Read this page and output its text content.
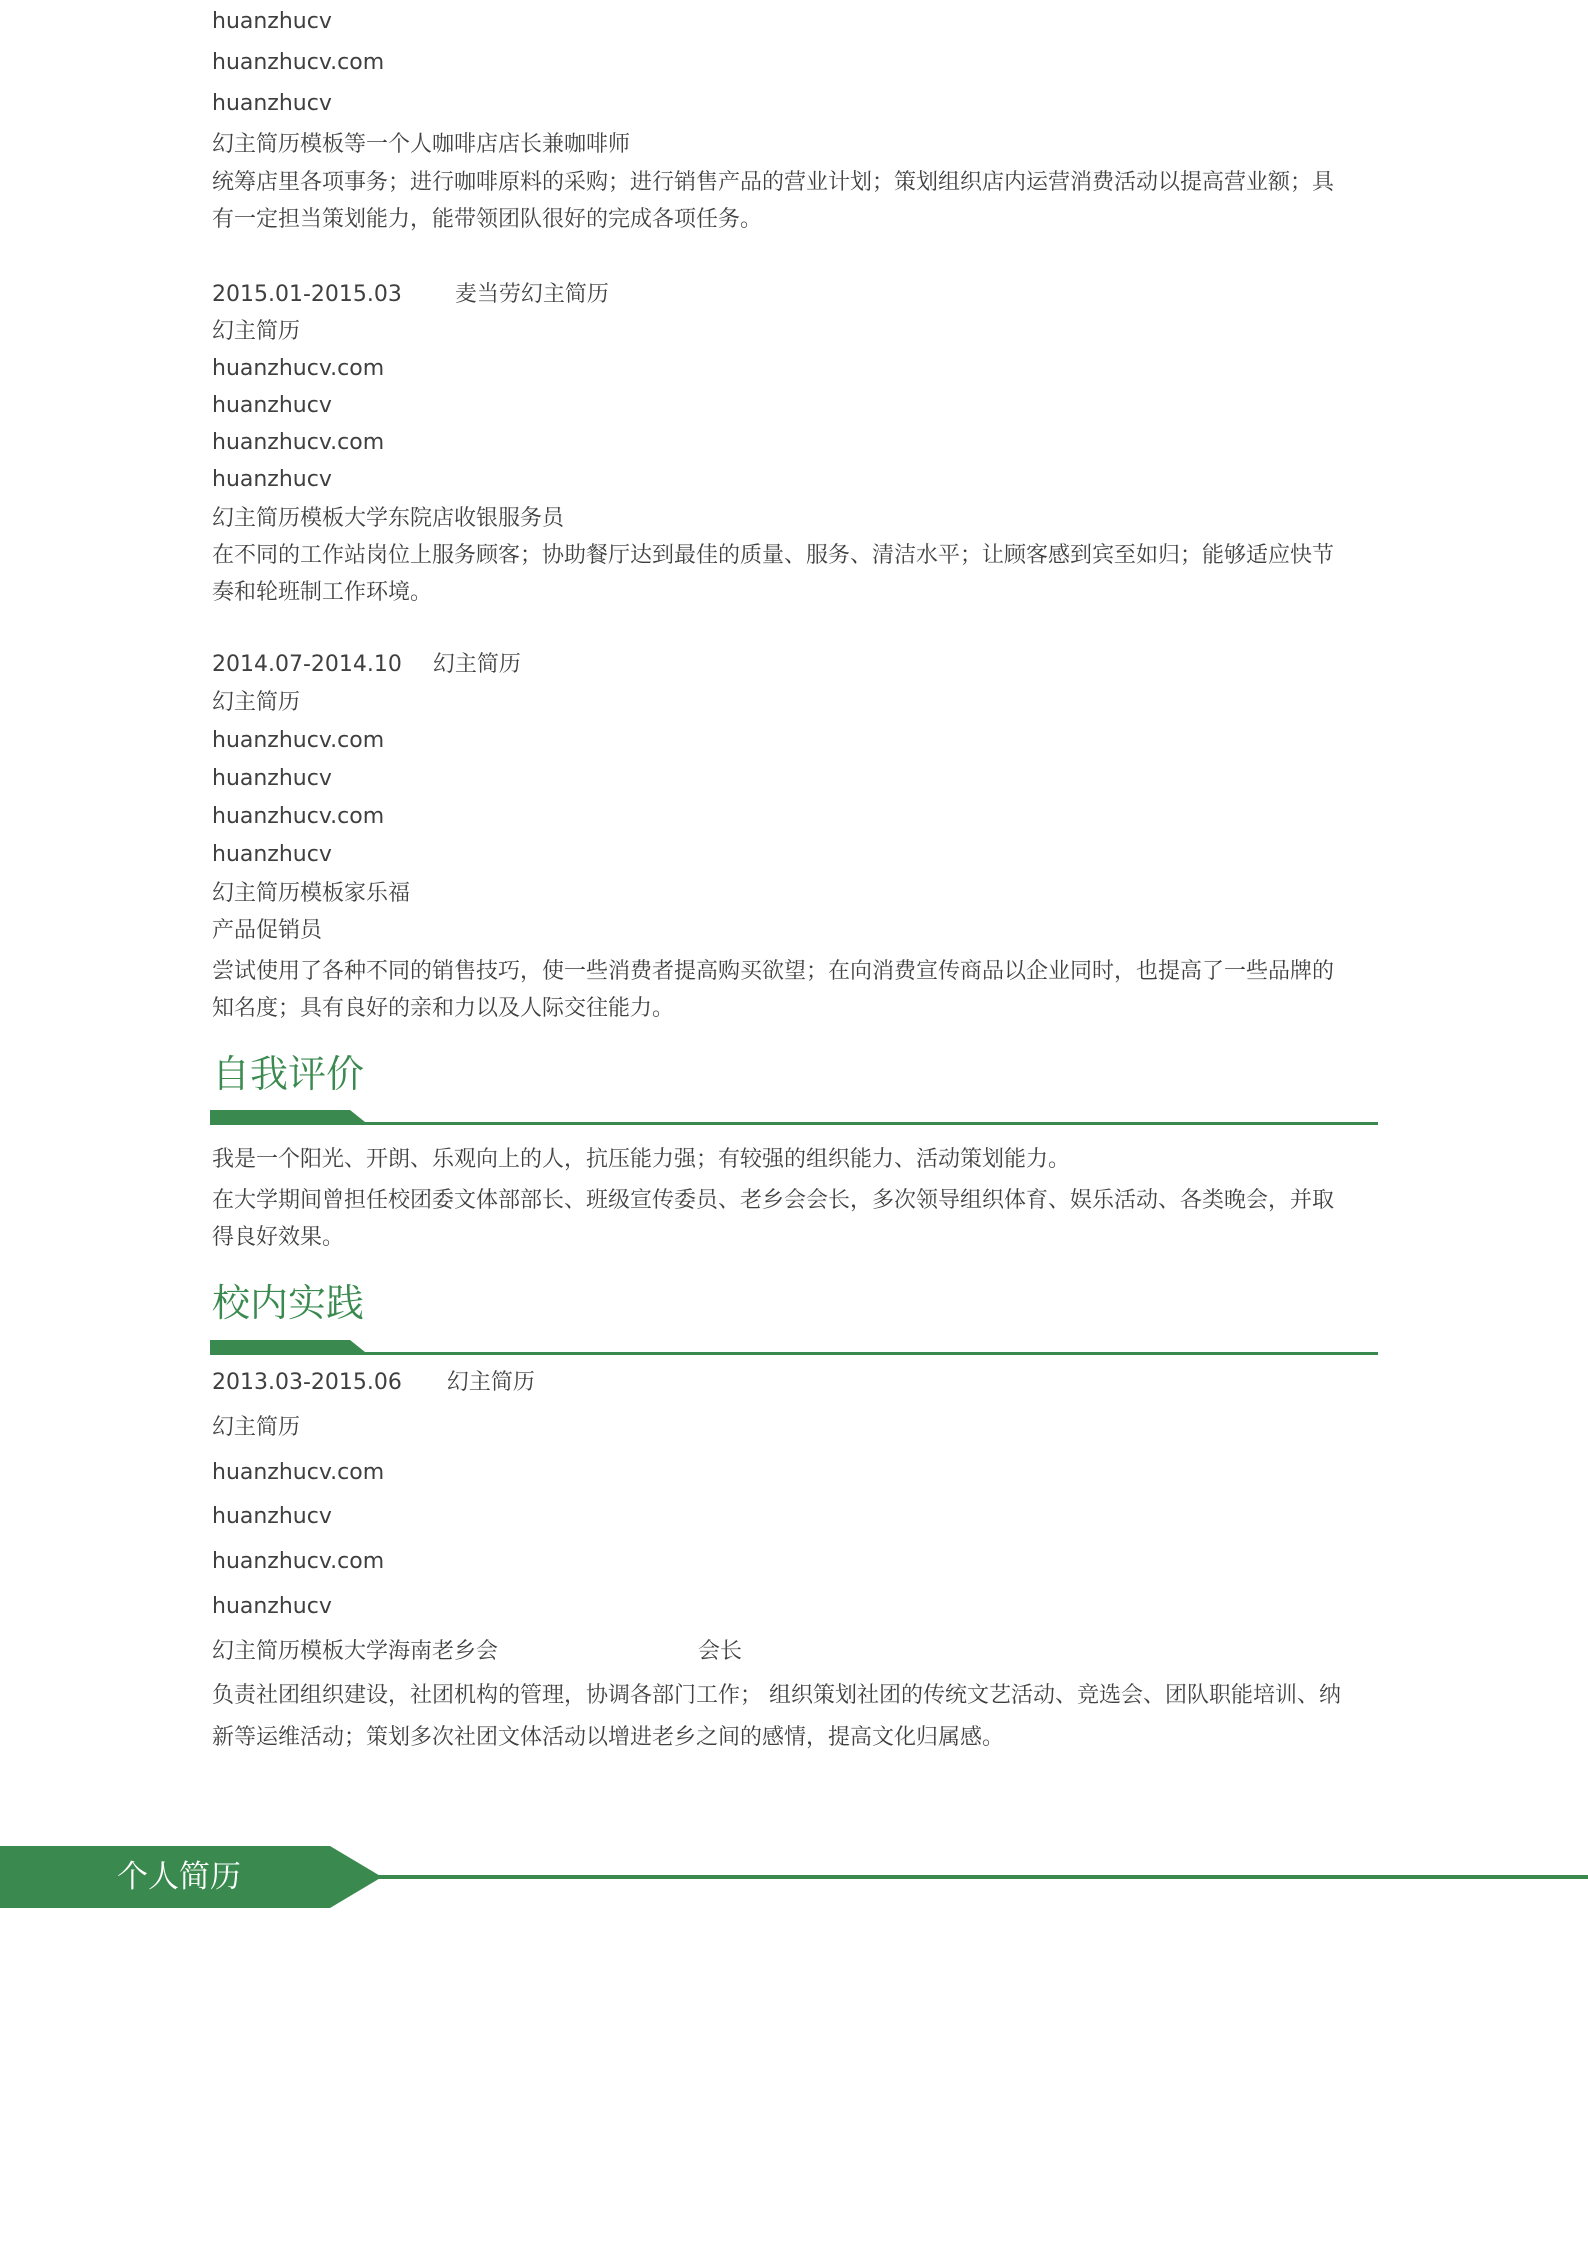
huanzhucv
huanzhucv.com
huanzhucv
幻主简历模板等一个人咖啡店店长兼咖啡师
统筹店里各项事务；进行咖啡原料的采购；进行销售产品的营业计划；策划组织店内运营消费活动以提高营业额；具有一定担当策划能力，能带领团队很好的完成各项任务。
2015.01-2015.03 麦当劳幻主简历
幻主简历
huanzhucv.com
huanzhucv
huanzhucv.com
huanzhucv
幻主简历模板大学东院店收银服务员
在不同的工作站岗位上服务顾客；协助餐厅达到最佳的质量、服务、清洁水平；让顾客感到宾至如归；能够适应快节奏和轮班制工作环境。
2014.07-2014.10 幻主简历
幻主简历
huanzhucv.com
huanzhucv
huanzhucv.com
huanzhucv
幻主简历模板家乐福
产品促销员
尝试使用了各种不同的销售技巧，使一些消费者提高购买欲望；在向消费宣传商品以企业同时，也提高了一些品牌的知名度；具有良好的亲和力以及人际交往能力。
自我评价
我是一个阳光、开朗、乐观向上的人，抗压能力强；有较强的组织能力、活动策划能力。
在大学期间曾担任校团委文体部部长、班级宣传委员、老乡会会长，多次领导组织体育、娱乐活动、各类晚会，并取得良好效果。
校内实践
2013.03-2015.06 幻主简历
幻主简历
huanzhucv.com
huanzhucv
huanzhucv.com
huanzhucv
幻主简历模板大学海南老乡会	会长
负责社团组织建设，社团机构的管理，协调各部门工作； 组织策划社团的传统文艺活动、竞选会、团队职能培训、纳新等运维活动；策划多次社团文体活动以增进老乡之间的感情，提高文化归属感。
个人简历
